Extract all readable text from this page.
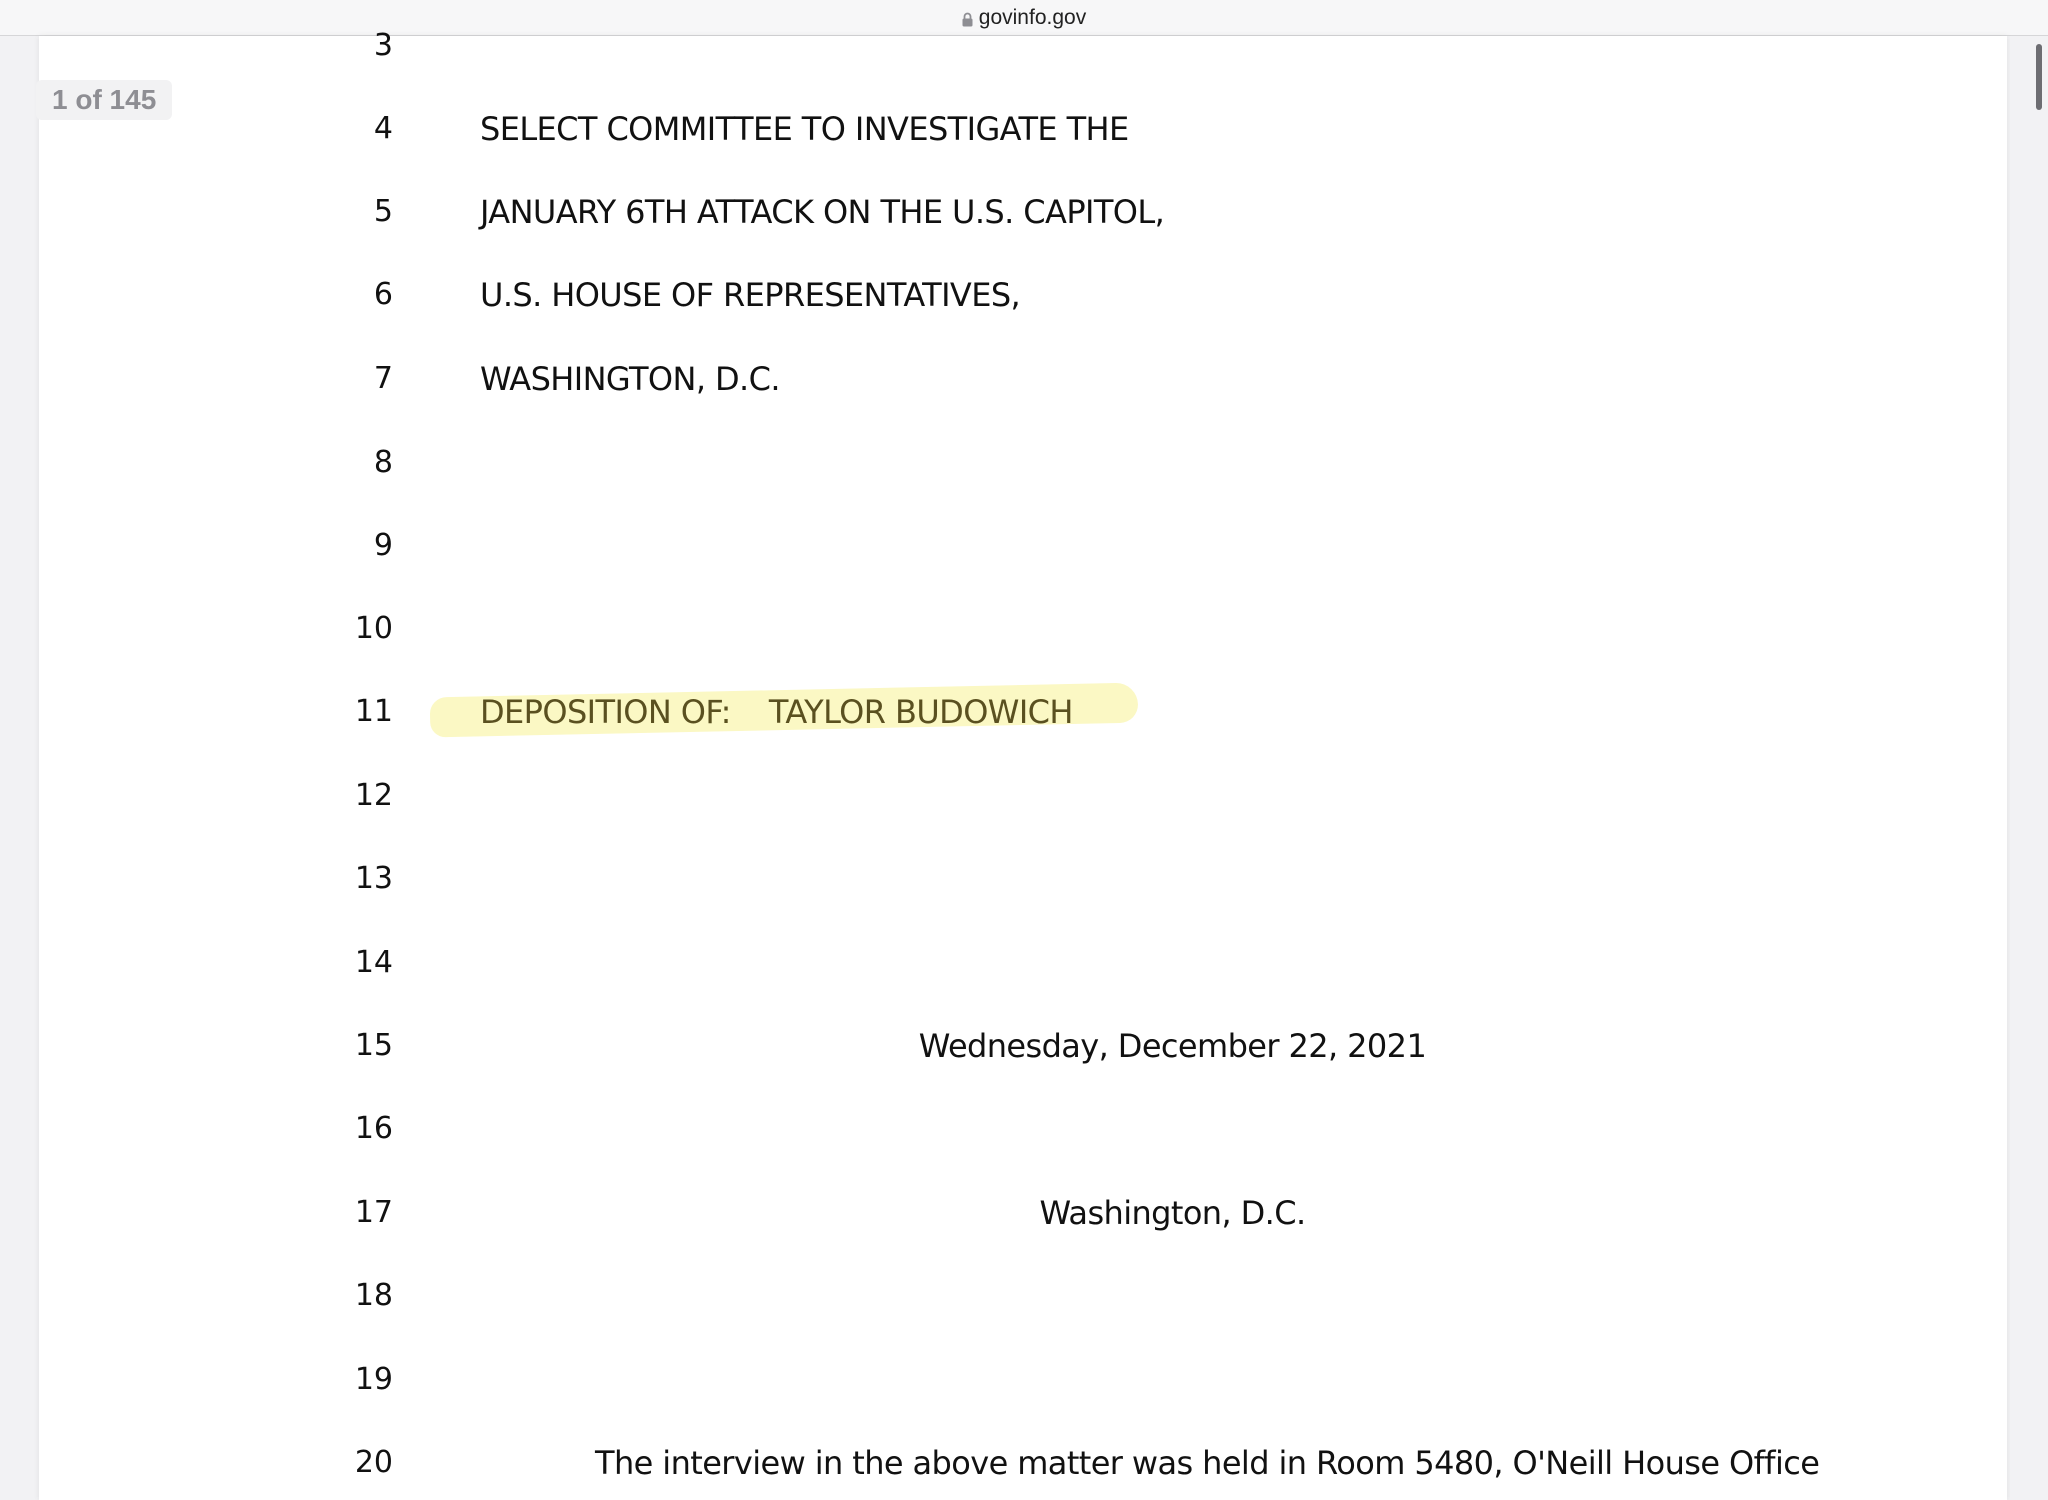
govinfo.gov
1 of 145
3
4	SELECT COMMITTEE TO INVESTIGATE THE
5	JANUARY 6TH ATTACK ON THE U.S. CAPITOL,
6	U.S. HOUSE OF REPRESENTATIVES,
7	WASHINGTON, D.C.
8
9
10
11	DEPOSITION OF: TAYLOR BUDOWICH
12
13
14
15	Wednesday, December 22, 2021
16
17	Washington, D.C.
18
19
20	The interview in the above matter was held in Room 5480, O'Neill House Office
